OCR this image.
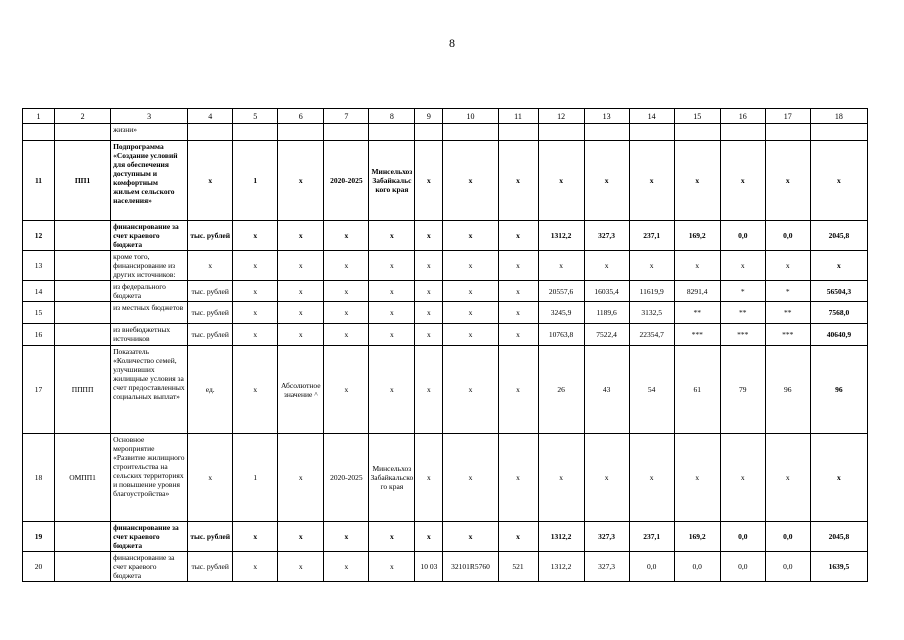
8
1	2	3	4	5	6	7	8	9	10	11	12	13	14	15	16	17	18
		жизни»															
11	ПП1	Подпрограмма «Создание условий для обеспечения доступным и комфортным жильем сельского населения»	x	1	x	2020-2025	Минсельхоз Забайкальского края	x	x	x	x	x	x	x	x	x	x
12		финансирование за счет краевого бюджета	тыс. рублей	x	x	x	x	x	x	x	1312,2	327,3	237,1	169,2	0,0	0,0	2045,8
13		кроме того, финансирование из других источников:	x	x	x	x	x	x	x	x	x	x	x	x	x	x	x
14		из федерального бюджета	тыс. рублей	x	x	x	x	x	x	x	20557,6	16035,4	11619,9	8291,4	*	*	56504,3
15		из местных бюджетов	тыс. рублей	x	x	x	x	x	x	x	3245,9	1189,6	3132,5	**	**	**	7568,0
16		из внебюджетных источников	тыс. рублей	x	x	x	x	x	x	x	10763,8	7522,4	22354,7	***	***	***	40640,9
17	ПППП	Показатель «Количество семей, улучшивших жилищные условия за счет предоставленных социальных выплат»	ед.	x	Абсолютное значение ^	x	x	x	x	x	26	43	54	61	79	96	96
18	ОМПП1	Основное мероприятие «Развитие жилищного строительства на сельских территориях и повышение уровня благоустройства»	x	1	x	2020-2025	Минсельхоз Забайкальского края	x	x	x	x	x	x	x	x	x	x
19		финансирование за счет краевого бюджета	тыс. рублей	x	x	x	x	x	x	x	1312,2	327,3	237,1	169,2	0,0	0,0	2045,8
20		финансирование за счет краевого бюджета	тыс. рублей	x	x	x	x	10 03	32101R5760	521	1312,2	327,3	0,0	0,0	0,0	0,0	1639,5
